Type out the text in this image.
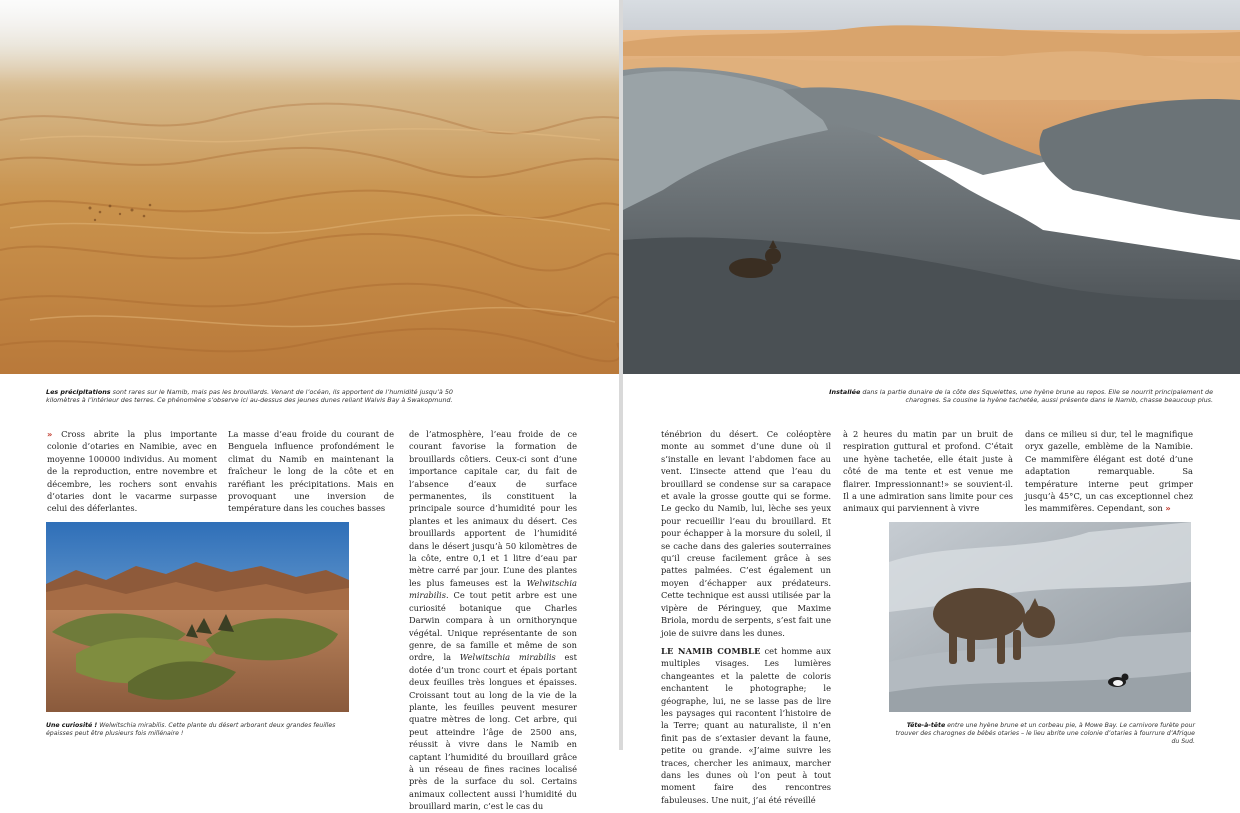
Les précipitations sont rares sur le Namib, mais pas les brouillards. Venant de l’océan, ils apportent de l’humidité jusqu’à 50 kilomètres à l’intérieur des terres. Ce phénomène s’observe ici au-dessus des jeunes dunes reliant Walvis Bay à Swakopmund.
» Cross abrite la plus importante colonie d’otaries en Namibie, avec en moyenne 100000 individus. Au moment de la reproduction, entre novembre et décembre, les rochers sont envahis d’otaries dont le vacarme surpasse celui des déferlantes.
La masse d’eau froide du courant de Benguela influence profondément le climat du Namib en maintenant la fraîcheur le long de la côte et en raréfiant les précipitations. Mais en provoquant une inversion de température dans les couches basses
de l’atmosphère, l’eau froide de ce courant favorise la formation de brouillards côtiers. Ceux-ci sont d’une importance capitale car, du fait de l’absence d’eaux de surface permanentes, ils constituent la principale source d’humidité pour les plantes et les animaux du désert. Ces brouillards apportent de l’humidité dans le désert jusqu’à 50 kilomètres de la côte, entre 0,1 et 1 litre d’eau par mètre carré par jour. L’une des plantes les plus fameuses est la Welwitschia mirabilis. Ce tout petit arbre est une curiosité botanique que Charles Darwin compara à un ornithorynque végétal. Unique représentante de son genre, de sa famille et même de son ordre, la Welwitschia mirabilis est dotée d’un tronc court et épais portant deux feuilles très longues et épaisses. Croissant tout au long de la vie de la plante, les feuilles peuvent mesurer quatre mètres de long. Cet arbre, qui peut atteindre l’âge de 2500 ans, réussit à vivre dans le Namib en captant l’humidité du brouillard grâce à un réseau de fines racines localisé près de la surface du sol. Certains animaux collectent aussi l’humidité du brouillard marin, c’est le cas du
Une curiosité ! Welwitschia mirabilis. Cette plante du désert arborant deux grandes feuilles épaisses peut être plusieurs fois millénaire !
Installée dans la partie dunaire de la côte des Squelettes, une hyène brune au repos. Elle se nourrit principalement de charognes. Sa cousine la hyène tachetée, aussi présente dans le Namib, chasse beaucoup plus.
ténébrion du désert. Ce coléoptère monte au sommet d’une dune où il s’installe en levant l’abdomen face au vent. L’insecte attend que l’eau du brouillard se condense sur sa carapace et avale la grosse goutte qui se forme. Le gecko du Namib, lui, lèche ses yeux pour recueillir l’eau du brouillard. Et pour échapper à la morsure du soleil, il se cache dans des galeries souterraines qu’il creuse facilement grâce à ses pattes palmées. C’est également un moyen d’échapper aux prédateurs. Cette technique est aussi utilisée par la vipère de Péringuey, que Maxime Briola, mordu de serpents, s’est fait une joie de suivre dans les dunes.
LE NAMIB COMBLE cet homme aux multiples visages. Les lumières changeantes et la palette de coloris enchantent le photographe; le géographe, lui, ne se lasse pas de lire les paysages qui racontent l’histoire de la Terre; quant au naturaliste, il n’en finit pas de s’extasier devant la faune, petite ou grande. «J’aime suivre les traces, chercher les animaux, marcher dans les dunes où l’on peut à tout moment faire des rencontres fabuleuses. Une nuit, j’ai été réveillé
à 2 heures du matin par un bruit de respiration guttural et profond. C’était une hyène tachetée, elle était juste à côté de ma tente et est venue me flairer. Impressionnant!» se souvient-il. Il a une admiration sans limite pour ces animaux qui parviennent à vivre
dans ce milieu si dur, tel le magnifique oryx gazelle, emblème de la Namibie. Ce mammifère élégant est doté d’une adaptation remarquable. Sa température interne peut grimper jusqu’à 45°C, un cas exceptionnel chez les mammifères. Cependant, son »
Tête-à-tête entre une hyène brune et un corbeau pie, à Mowe Bay. Le carnivore furète pour trouver des charognes de bébés otaries – le lieu abrite une colonie d’otaries à fourrure d’Afrique du Sud.
